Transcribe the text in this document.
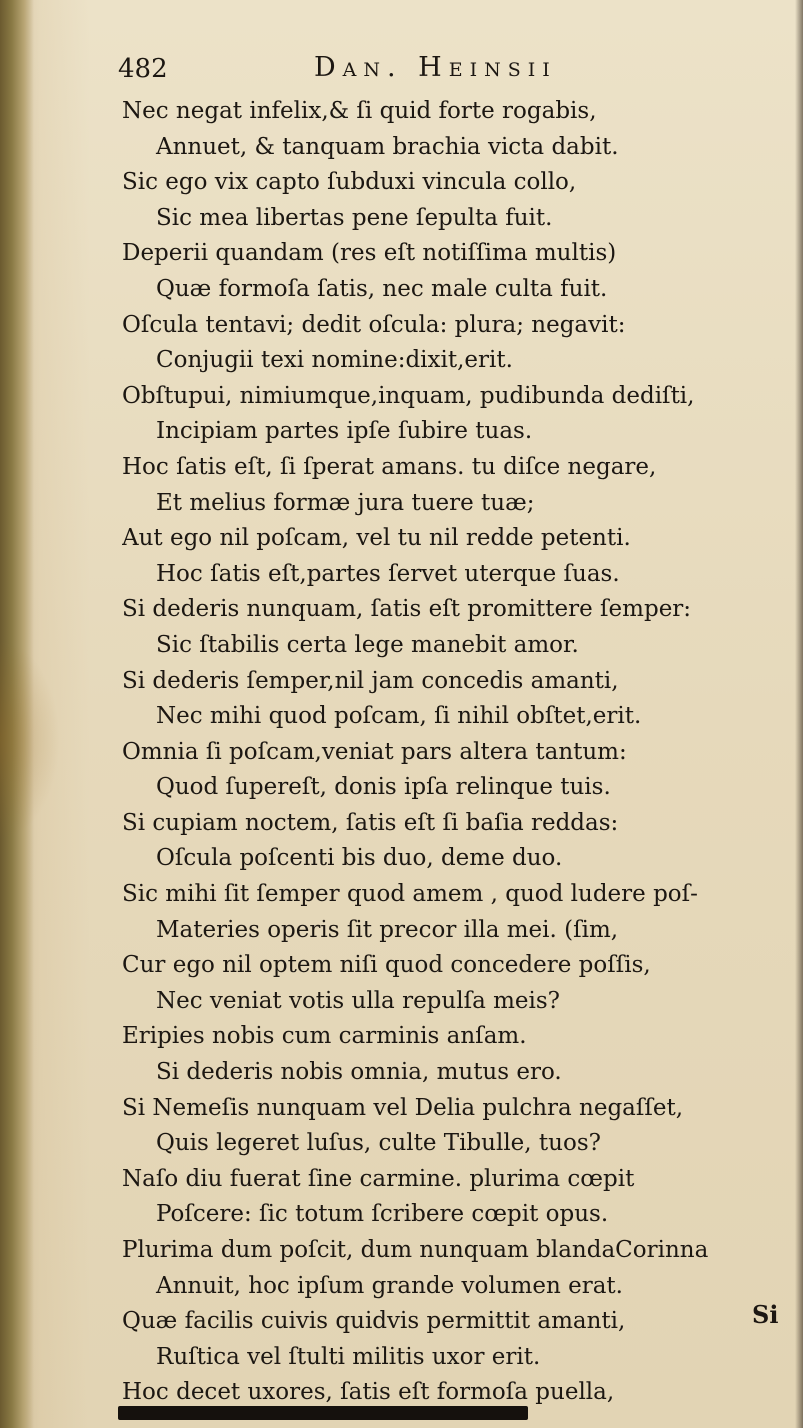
482	Dan. Heinsii
Nec negat infelix,& ſi quid forte rogabis,
Annuet, & tanquam brachia victa dabit.
Sic ego vix capto ſubduxi vincula collo,
Sic mea libertas pene ſepulta fuit.
Deperii quandam (res eſt notiſſima multis)
Quæ formoſa ſatis, nec male culta fuit.
Oſcula tentavi; dedit oſcula: plura; negavit:
Conjugii texi nomine:dixit,erit.
Obſtupui, nimiumque,inquam, pudibunda dediſti,
Incipiam partes ipſe ſubire tuas.
Hoc ſatis eſt, ſi ſperat amans. tu diſce negare,
Et melius formæ jura tuere tuæ;
Aut ego nil poſcam, vel tu nil redde petenti.
Hoc ſatis eſt,partes ſervet uterque ſuas.
Si dederis nunquam, ſatis eſt promittere ſemper:
Sic ſtabilis certa lege manebit amor.
Si dederis ſemper,nil jam concedis amanti,
Nec mihi quod poſcam, ſi nihil obſtet,erit.
Omnia ſi poſcam,veniat pars altera tantum:
Quod ſupereſt, donis ipſa relinque tuis.
Si cupiam noctem, ſatis eſt ſi baſia reddas:
Oſcula poſcenti bis duo, deme duo.
Sic mihi ſit ſemper quod amem , quod ludere poſ-
Materies operis ſit precor illa mei. (ſim,
Cur ego nil optem niſi quod concedere poſſis,
Nec veniat votis ulla repulſa meis?
Eripies nobis cum carminis anſam.
Si dederis nobis omnia, mutus ero.
Si Nemeſis nunquam vel Delia pulchra negaſſet,
Quis legeret luſus, culte Tibulle, tuos?
Naſo diu fuerat ſine carmine. plurima cœpit
Poſcere: ſic totum ſcribere cœpit opus.
Plurima dum poſcit, dum nunquam blandaCorinna
Annuit, hoc ipſum grande volumen erat.
Quæ facilis cuivis quidvis permittit amanti,
Ruſtica vel ſtulti militis uxor erit.
Hoc decet uxores, ſatis eſt formoſa puella,
Si
